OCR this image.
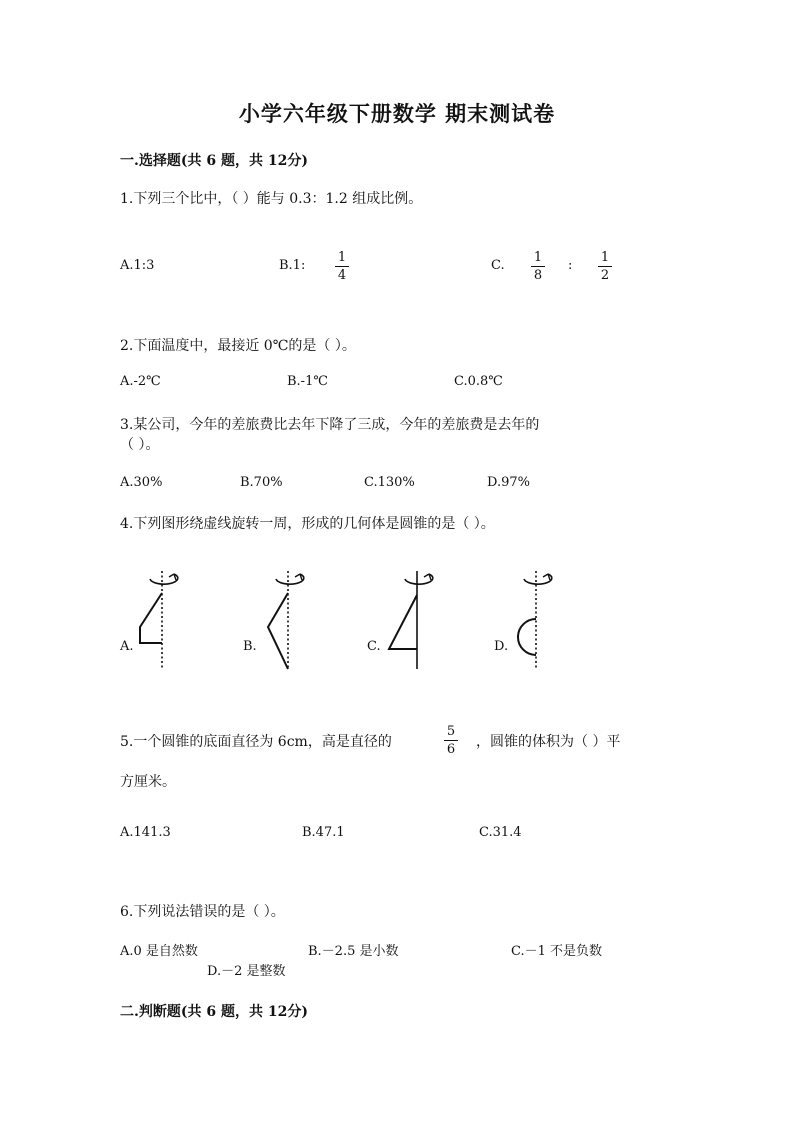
小学六年级下册数学 期末测试卷
一.选择题(共 6 题，共 12分)
1.下列三个比中，（ ）能与 0.3：1.2 组成比例。
A.1:3	B.1:
1
4
C.
1
8
:
1
2
2.下面温度中，最接近 0℃的是（ ）。
A.-2℃	B.-1℃	C.0.8℃
3.某公司，今年的差旅费比去年下降了三成，今年的差旅费是去年的
（ ）。
A.30%	B.70%	C.130%	D.97%
4.下列图形绕虚线旋转一周，形成的几何体是圆锥的是（ ）。
A.	B.	C.	D.
5.一个圆锥的底面直径为 6cm，高是直径的
5
6 ，圆锥的体积为（ ）平
方厘米。
A.141.3	B.47.1	C.31.4
6.下列说法错误的是（ ）。
A.0 是自然数	B.－2.5 是小数	C.－1 不是负数
D.－2 是整数
二.判断题(共 6 题，共 12分)
